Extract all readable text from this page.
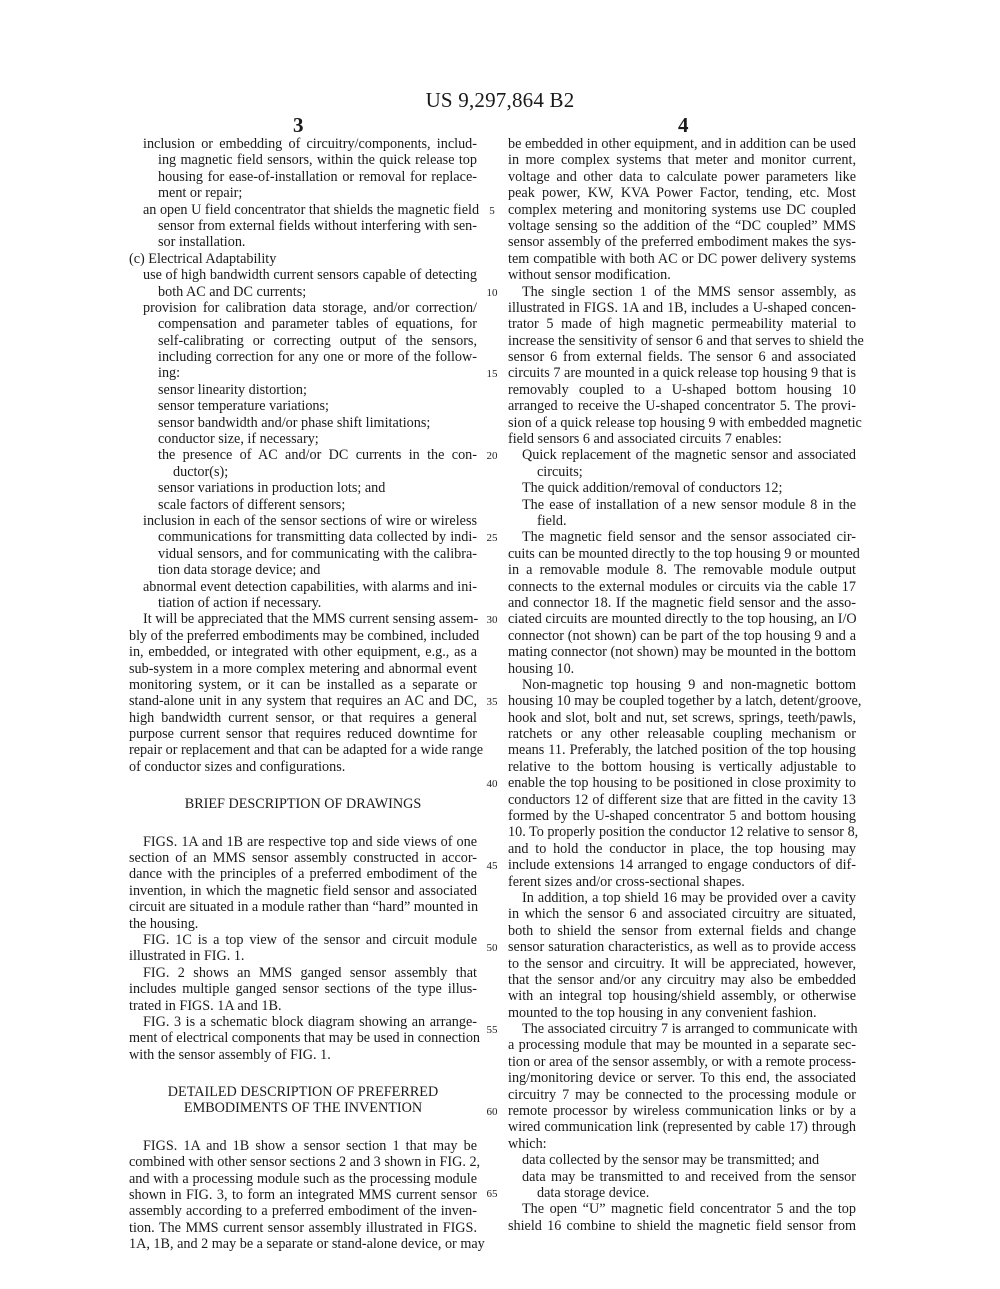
US 9,297,864 B2
3	4
inclusion or embedding of circuitry/components, includ-
ing magnetic field sensors, within the quick release top
housing for ease-of-installation or removal for replace-
ment or repair;
an open U field concentrator that shields the magnetic field
sensor from external fields without interfering with sen-
sor installation.
(c) Electrical Adaptability
use of high bandwidth current sensors capable of detecting
both AC and DC currents;
provision for calibration data storage, and/or correction/
compensation and parameter tables of equations, for
self-calibrating or correcting output of the sensors,
including correction for any one or more of the follow-
ing:
sensor linearity distortion;
sensor temperature variations;
sensor bandwidth and/or phase shift limitations;
conductor size, if necessary;
the presence of AC and/or DC currents in the con-
ductor(s);
sensor variations in production lots; and
scale factors of different sensors;
inclusion in each of the sensor sections of wire or wireless
communications for transmitting data collected by indi-
vidual sensors, and for communicating with the calibra-
tion data storage device; and
abnormal event detection capabilities, with alarms and ini-
tiation of action if necessary.
It will be appreciated that the MMS current sensing assem-
bly of the preferred embodiments may be combined, included
in, embedded, or integrated with other equipment, e.g., as a
sub-system in a more complex metering and abnormal event
monitoring system, or it can be installed as a separate or
stand-alone unit in any system that requires an AC and DC,
high bandwidth current sensor, or that requires a general
purpose current sensor that requires reduced downtime for
repair or replacement and that can be adapted for a wide range
of conductor sizes and configurations.
BRIEF DESCRIPTION OF DRAWINGS
FIGS. 1A and 1B are respective top and side views of one
section of an MMS sensor assembly constructed in accor-
dance with the principles of a preferred embodiment of the
invention, in which the magnetic field sensor and associated
circuit are situated in a module rather than “hard” mounted in
the housing.
FIG. 1C is a top view of the sensor and circuit module
illustrated in FIG. 1.
FIG. 2 shows an MMS ganged sensor assembly that
includes multiple ganged sensor sections of the type illus-
trated in FIGS. 1A and 1B.
FIG. 3 is a schematic block diagram showing an arrange-
ment of electrical components that may be used in connection
with the sensor assembly of FIG. 1.
DETAILED DESCRIPTION OF PREFERRED
EMBODIMENTS OF THE INVENTION
FIGS. 1A and 1B show a sensor section 1 that may be
combined with other sensor sections 2 and 3 shown in FIG. 2,
and with a processing module such as the processing module
shown in FIG. 3, to form an integrated MMS current sensor
assembly according to a preferred embodiment of the inven-
tion. The MMS current sensor assembly illustrated in FIGS.
1A, 1B, and 2 may be a separate or stand-alone device, or may
be embedded in other equipment, and in addition can be used
in more complex systems that meter and monitor current,
voltage and other data to calculate power parameters like
peak power, KW, KVA Power Factor, tending, etc. Most
complex metering and monitoring systems use DC coupled
voltage sensing so the addition of the “DC coupled” MMS
sensor assembly of the preferred embodiment makes the sys-
tem compatible with both AC or DC power delivery systems
without sensor modification.
The single section 1 of the MMS sensor assembly, as
illustrated in FIGS. 1A and 1B, includes a U-shaped concen-
trator 5 made of high magnetic permeability material to
increase the sensitivity of sensor 6 and that serves to shield the
sensor 6 from external fields. The sensor 6 and associated
circuits 7 are mounted in a quick release top housing 9 that is
removably coupled to a U-shaped bottom housing 10
arranged to receive the U-shaped concentrator 5. The provi-
sion of a quick release top housing 9 with embedded magnetic
field sensors 6 and associated circuits 7 enables:
Quick replacement of the magnetic sensor and associated
circuits;
The quick addition/removal of conductors 12;
The ease of installation of a new sensor module 8 in the
field.
The magnetic field sensor and the sensor associated cir-
cuits can be mounted directly to the top housing 9 or mounted
in a removable module 8. The removable module output
connects to the external modules or circuits via the cable 17
and connector 18. If the magnetic field sensor and the asso-
ciated circuits are mounted directly to the top housing, an I/O
connector (not shown) can be part of the top housing 9 and a
mating connector (not shown) may be mounted in the bottom
housing 10.
Non-magnetic top housing 9 and non-magnetic bottom
housing 10 may be coupled together by a latch, detent/groove,
hook and slot, bolt and nut, set screws, springs, teeth/pawls,
ratchets or any other releasable coupling mechanism or
means 11. Preferably, the latched position of the top housing
relative to the bottom housing is vertically adjustable to
enable the top housing to be positioned in close proximity to
conductors 12 of different size that are fitted in the cavity 13
formed by the U-shaped concentrator 5 and bottom housing
10. To properly position the conductor 12 relative to sensor 8,
and to hold the conductor in place, the top housing may
include extensions 14 arranged to engage conductors of dif-
ferent sizes and/or cross-sectional shapes.
In addition, a top shield 16 may be provided over a cavity
in which the sensor 6 and associated circuitry are situated,
both to shield the sensor from external fields and change
sensor saturation characteristics, as well as to provide access
to the sensor and circuitry. It will be appreciated, however,
that the sensor and/or any circuitry may also be embedded
with an integral top housing/shield assembly, or otherwise
mounted to the top housing in any convenient fashion.
The associated circuitry 7 is arranged to communicate with
a processing module that may be mounted in a separate sec-
tion or area of the sensor assembly, or with a remote process-
ing/monitoring device or server. To this end, the associated
circuitry 7 may be connected to the processing module or
remote processor by wireless communication links or by a
wired communication link (represented by cable 17) through
which:
data collected by the sensor may be transmitted; and
data may be transmitted to and received from the sensor
data storage device.
The open “U” magnetic field concentrator 5 and the top
shield 16 combine to shield the magnetic field sensor from
5
10
15
20
25
30
35
40
45
50
55
60
65
